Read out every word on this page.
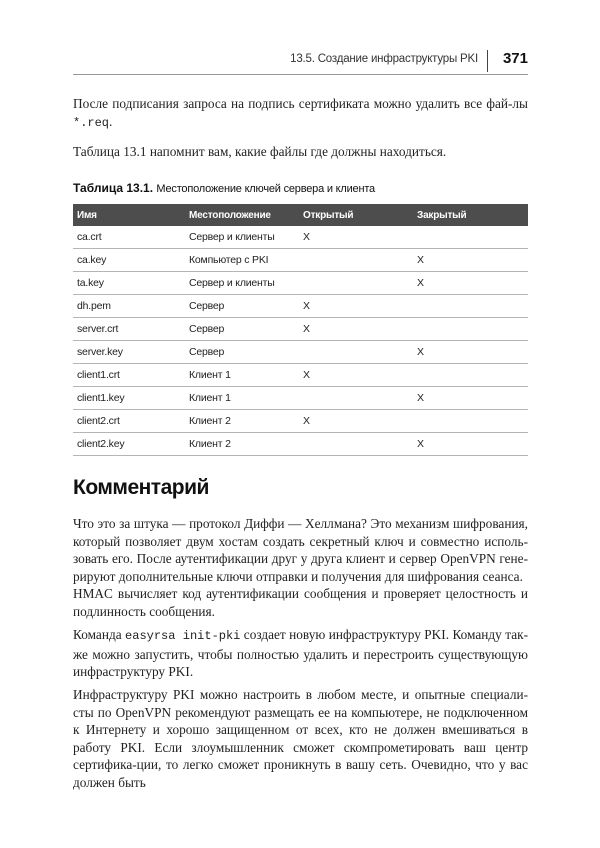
13.5. Создание инфраструктуры PKI 371

После подписания запроса на подпись сертификата можно удалить все фай-лы *.req.

Таблица 13.1 напомнит вам, какие файлы где должны находиться.

Таблица 13.1. Местоположение ключей сервера и клиента
Имя	Местоположение	Открытый	Закрытый
ca.crt	Сервер и клиенты	X	
ca.key	Компьютер с PKI		X
ta.key	Сервер и клиенты		X
dh.pem	Сервер	X	
server.crt	Сервер	X	
server.key	Сервер		X
client1.crt	Клиент 1	X	
client1.key	Клиент 1		X
client2.crt	Клиент 2	X	
client2.key	Клиент 2		X
Комментарий

Что это за штука — протокол Диффи — Хеллмана? Это механизм шифрования, который позволяет двум хостам создать секретный ключ и совместно исполь-зовать его. После аутентификации друг у друга клиент и сервер OpenVPN гене-рируют дополнительные ключи отправки и получения для шифрования сеанса.

HMAC вычисляет код аутентификации сообщения и проверяет целостность и подлинность сообщения.

Команда easyrsa init-pki создает новую инфраструктуру PKI. Команду так-же можно запустить, чтобы полностью удалить и перестроить существующую инфраструктуру PKI.

Инфраструктуру PKI можно настроить в любом месте, и опытные специали-сты по OpenVPN рекомендуют размещать ее на компьютере, не подключенном к Интернету и хорошо защищенном от всех, кто не должен вмешиваться в работу PKI. Если злоумышленник сможет скомпрометировать ваш центр сертифика-ции, то легко сможет проникнуть в вашу сеть. Очевидно, что у вас должен быть
